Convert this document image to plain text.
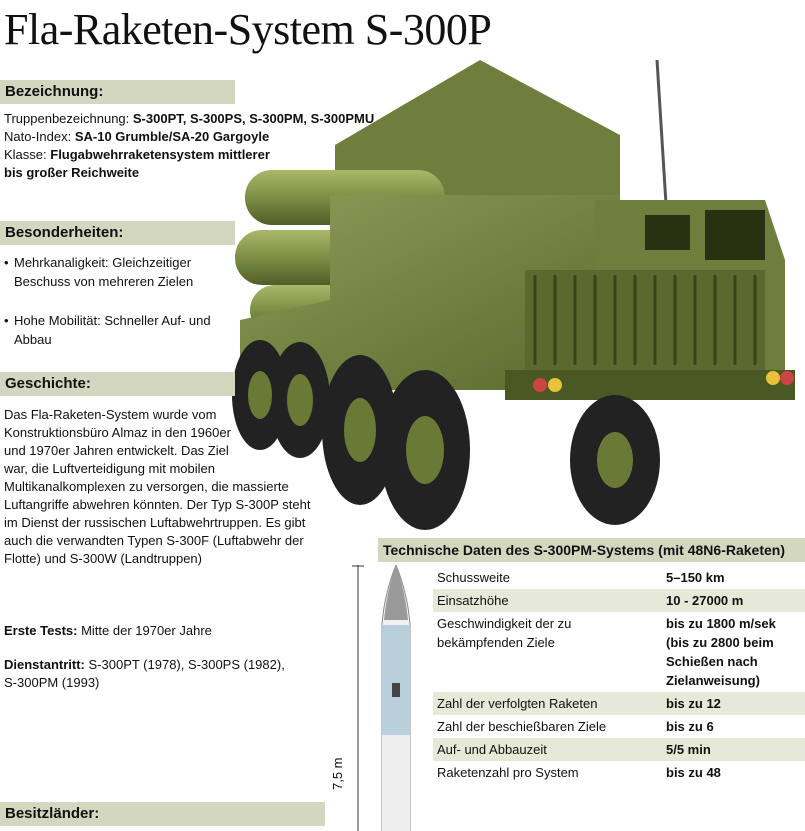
Fla-Raketen-System S-300P
Bezeichnung:
Truppenbezeichnung: S-300PT, S-300PS, S-300PM, S-300PMU
Nato-Index: SA-10 Grumble/SA-20 Gargoyle
Klasse: Flugabwehrraketensystem mittlerer
bis großer Reichweite
Besonderheiten:
• Mehrkanaligkeit: Gleichzeitiger
Beschuss von mehreren Zielen
• Hohe Mobilität: Schneller Auf- und
Abbau
Geschichte:
Das Fla-Raketen-System wurde vom
Konstruktionsbüro Almaz in den 1960er
und 1970er Jahren entwickelt. Das Ziel
war, die Luftverteidigung mit mobilen
Multikanalkomplexen zu versorgen, die massierte
Luftangriffe abwehren könnten. Der Typ S-300P steht
im Dienst der russischen Luftabwehrtruppen. Es gibt
auch die verwandten Typen S-300F (Luftabwehr der
Flotte) und S-300W (Landtruppen)
Erste Tests: Mitte der 1970er Jahre
Dienstantritt: S-300PT (1978), S-300PS (1982),
S-300PM (1993)
Besitzländer:
7,5 m
Technische Daten des S-300PM-Systems (mit 48N6-Raketen)
Schussweite	5–150 km
Einsatzhöhe	10 - 27000 m
Geschwindigkeit der zu bekämpfenden Ziele	bis zu 1800 m/sek (bis zu 2800 beim Schießen nach Zielanweisung)
Zahl der verfolgten Raketen	bis zu 12
Zahl der beschießbaren Ziele	bis zu 6
Auf- und Abbauzeit	5/5 min
Raketenzahl pro System	bis zu 48
